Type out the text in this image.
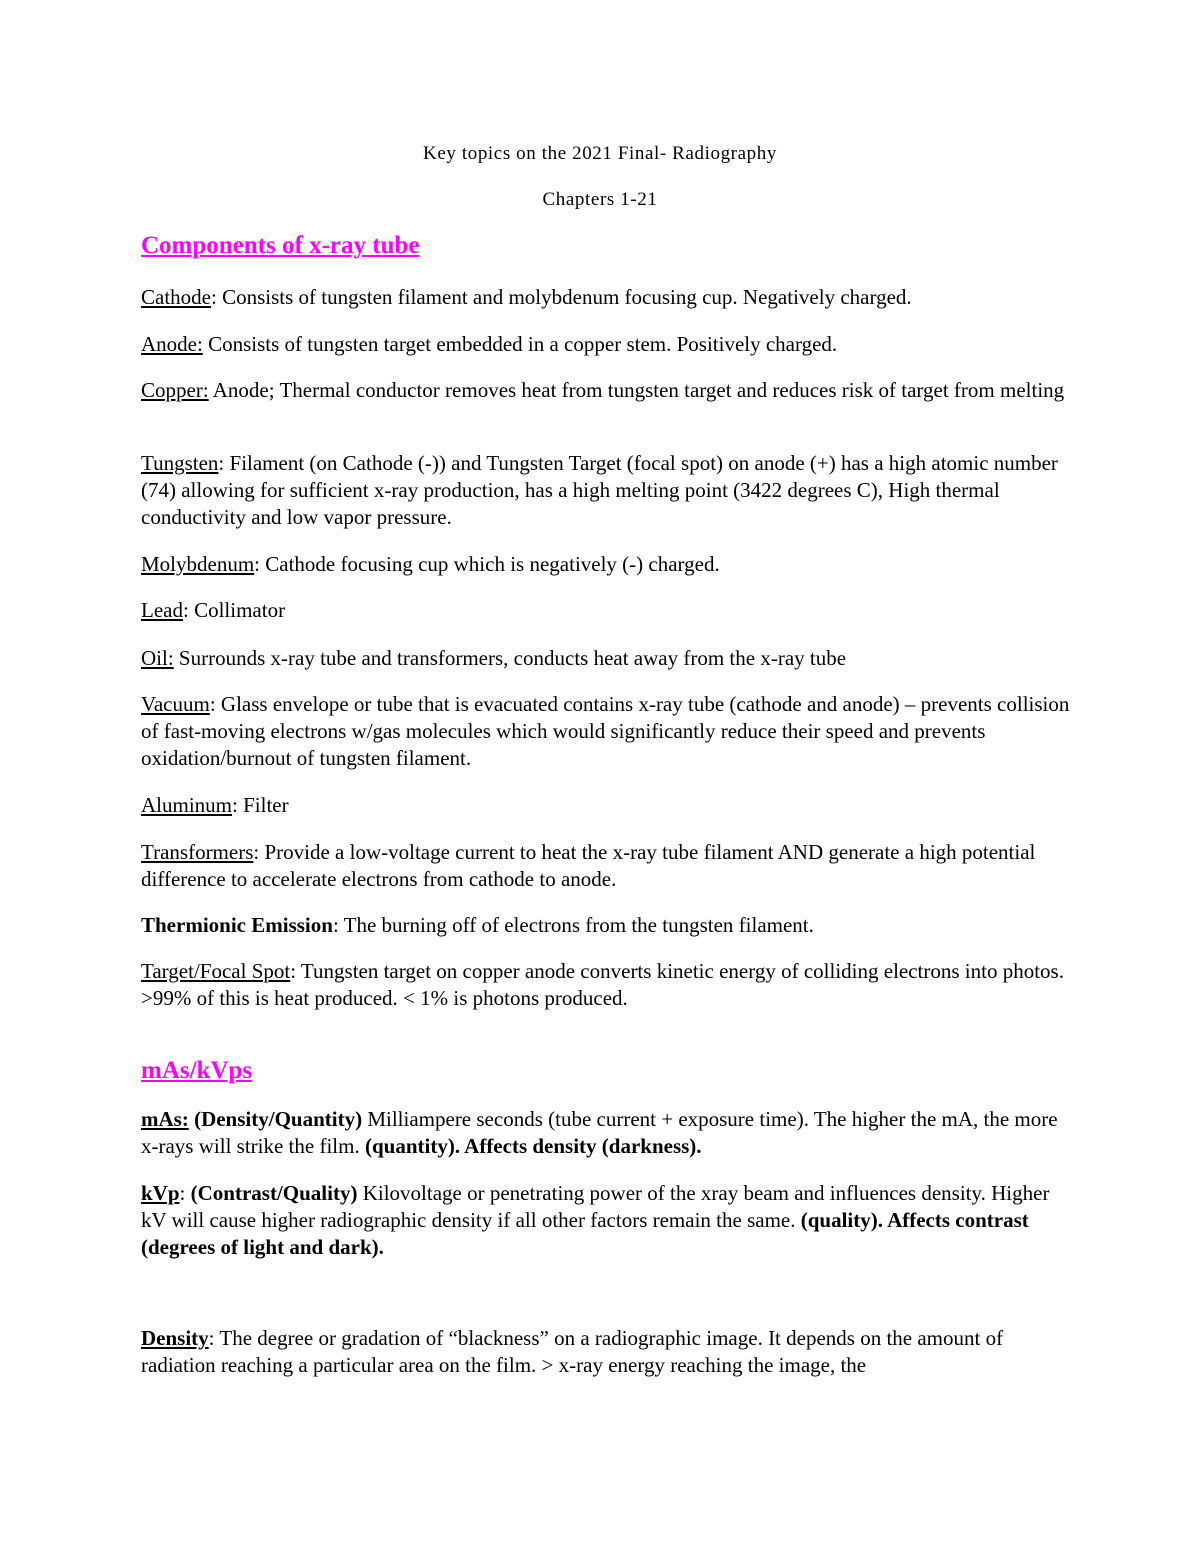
Key topics on the 2021 Final- Radiography
Chapters 1-21
Components of x-ray tube
Cathode: Consists of tungsten filament and molybdenum focusing cup. Negatively charged.
Anode: Consists of tungsten target embedded in a copper stem. Positively charged.
Copper: Anode; Thermal conductor removes heat from tungsten target and reduces risk of target from melting
Tungsten: Filament (on Cathode (-)) and Tungsten Target (focal spot) on anode (+) has a high atomic number (74) allowing for sufficient x-ray production, has a high melting point (3422 degrees C), High thermal conductivity and low vapor pressure.
Molybdenum: Cathode focusing cup which is negatively (-) charged.
Lead: Collimator
Oil: Surrounds x-ray tube and transformers, conducts heat away from the x-ray tube
Vacuum: Glass envelope or tube that is evacuated contains x-ray tube (cathode and anode) – prevents collision of fast-moving electrons w/gas molecules which would significantly reduce their speed and prevents oxidation/burnout of tungsten filament.
Aluminum: Filter
Transformers: Provide a low-voltage current to heat the x-ray tube filament AND generate a high potential difference to accelerate electrons from cathode to anode.
Thermionic Emission: The burning off of electrons from the tungsten filament.
Target/Focal Spot: Tungsten target on copper anode converts kinetic energy of colliding electrons into photos. >99% of this is heat produced. < 1% is photons produced.
mAs/kVps
mAs: (Density/Quantity) Milliampere seconds (tube current + exposure time). The higher the mA, the more x-rays will strike the film. (quantity). Affects density (darkness).
kVp: (Contrast/Quality) Kilovoltage or penetrating power of the xray beam and influences density. Higher kV will cause higher radiographic density if all other factors remain the same. (quality). Affects contrast (degrees of light and dark).
Density: The degree or gradation of “blackness” on a radiographic image. It depends on the amount of radiation reaching a particular area on the film. > x-ray energy reaching the image, the
